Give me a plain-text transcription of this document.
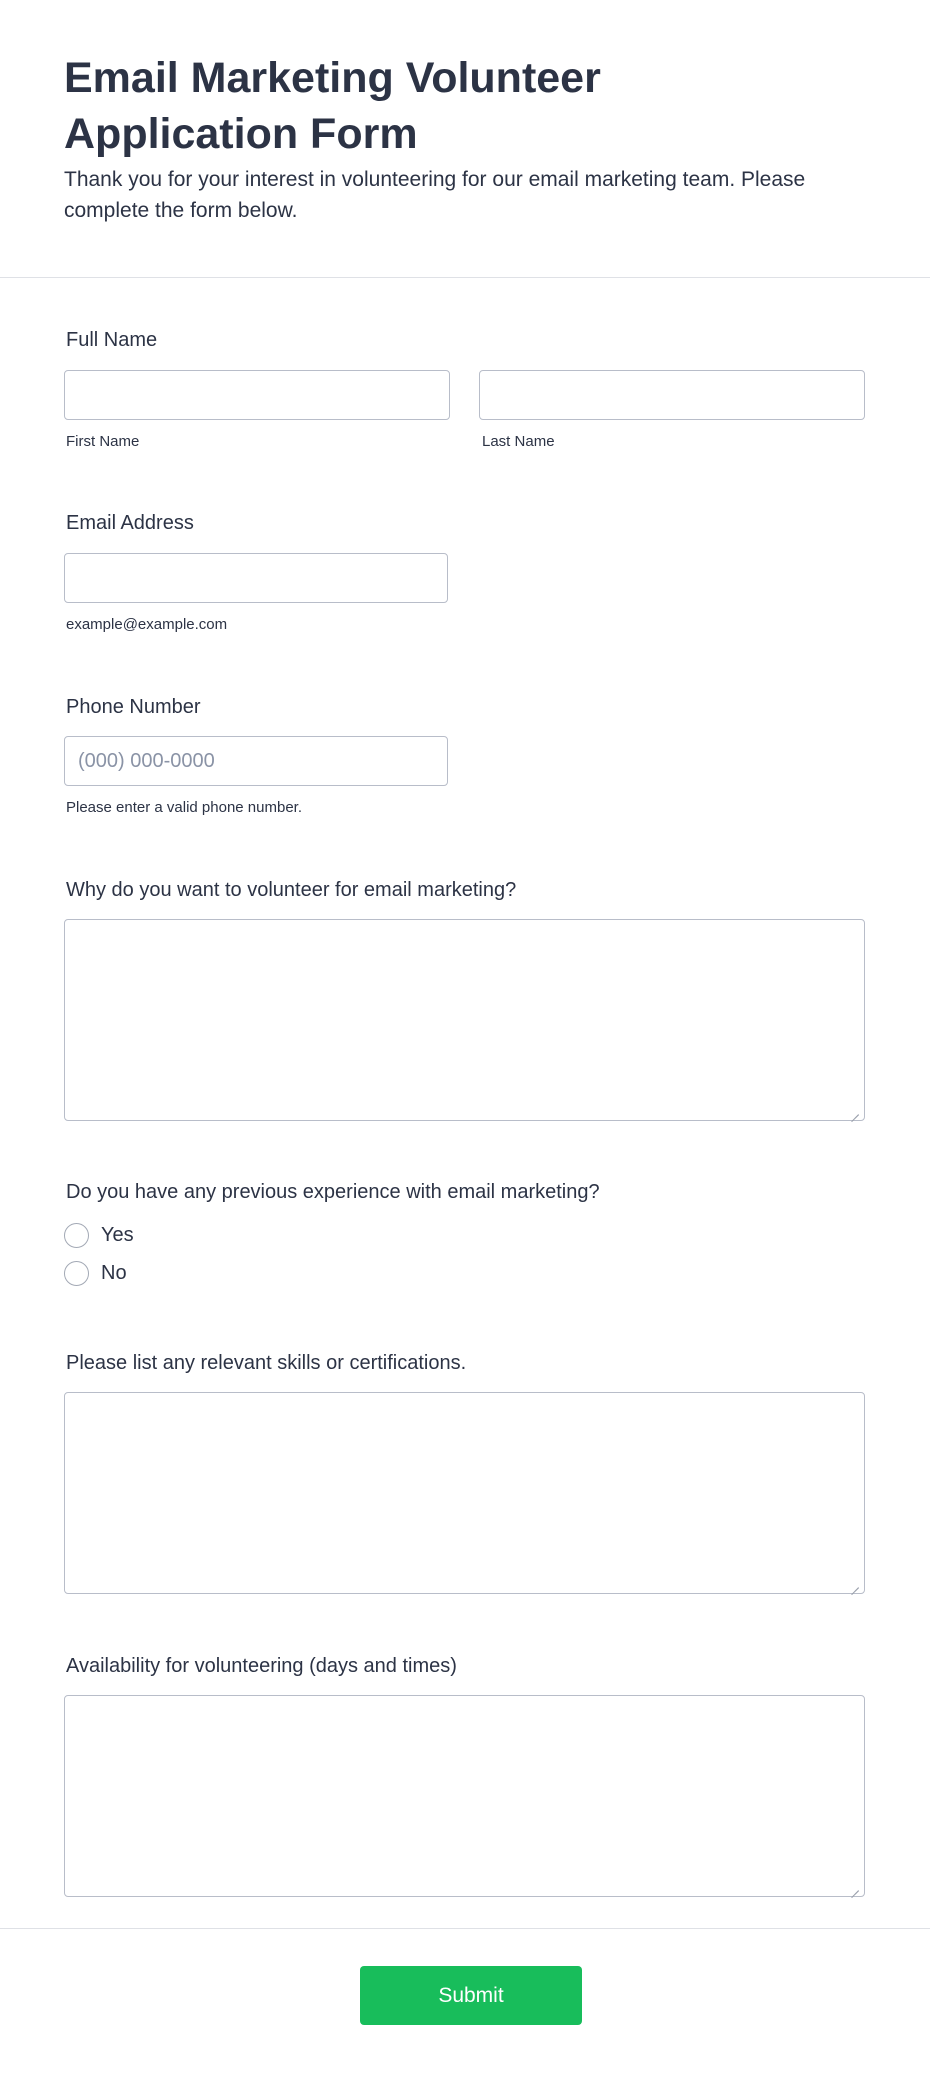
Email Marketing Volunteer Application Form

Thank you for your interest in volunteering for our email marketing team. Please complete the form below.

Full Name
First Name	Last Name
Email Address
example@example.com
Phone Number
(000) 000-0000
Please enter a valid phone number.
Why do you want to volunteer for email marketing?
Do you have any previous experience with email marketing?
Yes
No
Please list any relevant skills or certifications.
Availability for volunteering (days and times)
Submit
